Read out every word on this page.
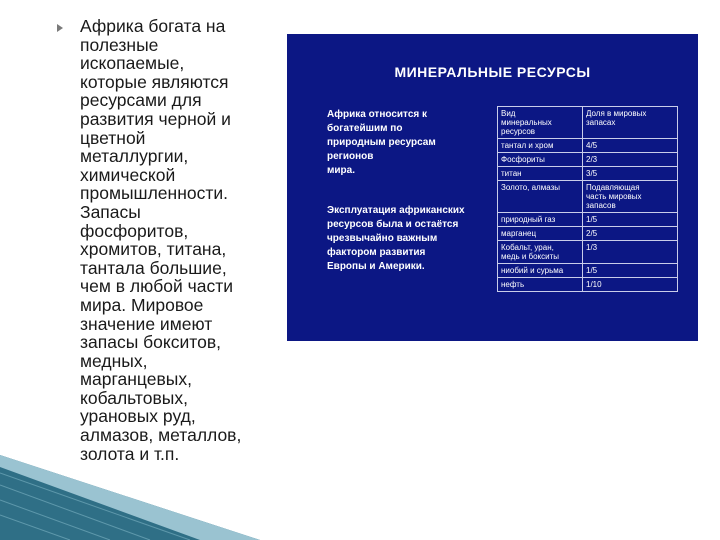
Африка богата на
полезные
ископаемые,
которые являются
ресурсами для
развития черной и
цветной
металлургии,
химической
промышленности.
Запасы
фосфоритов,
хромитов, титана,
тантала большие,
чем в любой части
мира. Мировое
значение имеют
запасы бокситов,
медных,
марганцевых,
кобальтовых,
урановых руд,
алмазов, металлов,
золота и т.п.

МИНЕРАЛЬНЫЕ РЕСУРСЫ

Африка относится к
богатейшим по
природным ресурсам
регионов
мира.

Эксплуатация африканских
ресурсов была и остаётся
чрезвычайно важным
фактором развития
Европы и Америки.

Вид
минеральных
ресурсов	Доля в мировых
запасах
тантал и хром	4/5
Фосфориты	2/3
титан	3/5
Золото, алмазы	Подавляющая
часть мировых
запасов
природный газ	1/5
марганец	2/5
Кобальт, уран,
медь и бокситы	1/3
ниобий и сурьма	1/5
нефть	1/10
